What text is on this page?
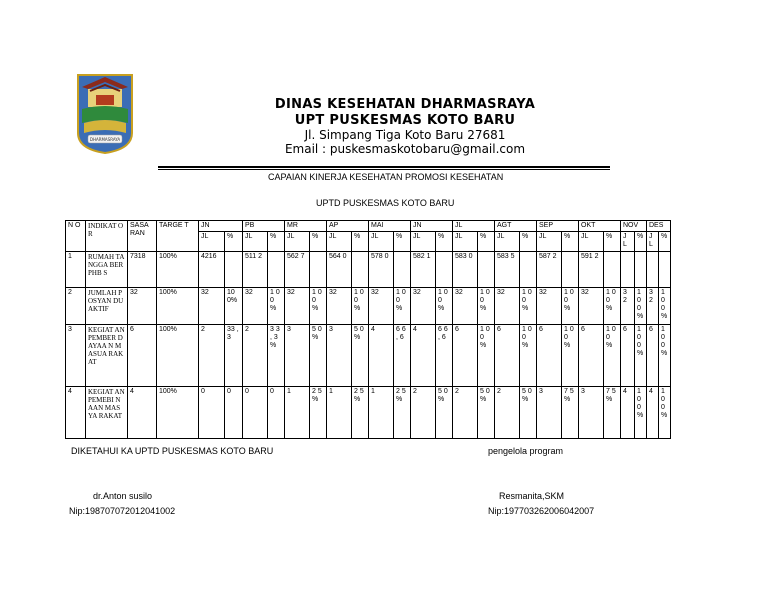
DHARMASRAYA
DINAS KESEHATAN DHARMASRAYA
UPT PUSKESMAS KOTO BARU
Jl. Simpang Tiga Koto Baru 27681
Email : puskesmaskotobaru@gmail.com
CAPAIAN KINERJA KESEHATAN PROMOSI KESEHATAN
UPTD PUSKESMAS KOTO BARU
N O	INDIKAT OR	SASA RAN	TARGE T	JN		PB		MR		AP		MAI		JN		JL		AGT		SEP		OKT		NOV		DES	
				JL	%	JL	%	JL	%	JL	%	JL	%	JL	%	JL	%	JL	%	JL	%	JL	%	J L	%	J L	%
1	RUMAH TANGGA BERPHB S	7318	100%	4216		511 2		562 7		564 0		578 0		582 1		583 0		583 5		587 2		591 2					
2	JUMLAH POSYAN DU AKTIF	32	100%	32	10 0%	32	1 0 0 %	32	1 0 0 %	32	1 0 0 %	32	1 0 0 %	32	1 0 0 %	32	1 0 0 %	32	1 0 0 %	32	1 0 0 %	32	1 0 0 %	3 2	1 0 0 %	3 2	1 0 0 %
3	KEGIAT AN PEMBER DAYAA N MASUA RAKAT	6	100%	2	33 ,3	2	3 3 , 3 %	3	5 0 %	3	5 0 %	4	6 6 , 6	4	6 6 , 6	6	1 0 0 %	6	1 0 0 %	6	1 0 0 %	6	1 0 0 %	6	1 0 0 %	6	1 0 0 %
4	KEGIAT AN PEMEBI NAAN MASYA RAKAT	4	100%	0	0	0	0	1	2 5 %	1	2 5 %	1	2 5 %	2	5 0 %	2	5 0 %	2	5 0 %	3	7 5 %	3	7 5 %	4	1 0 0 %	4	1 0 0 %
DIKETAHUI KA UPTD PUSKESMAS KOTO BARU	pengelola program
dr.Anton susilo	Resmanita,SKM
Nip:198707072012041002	Nip:197703262006042007
